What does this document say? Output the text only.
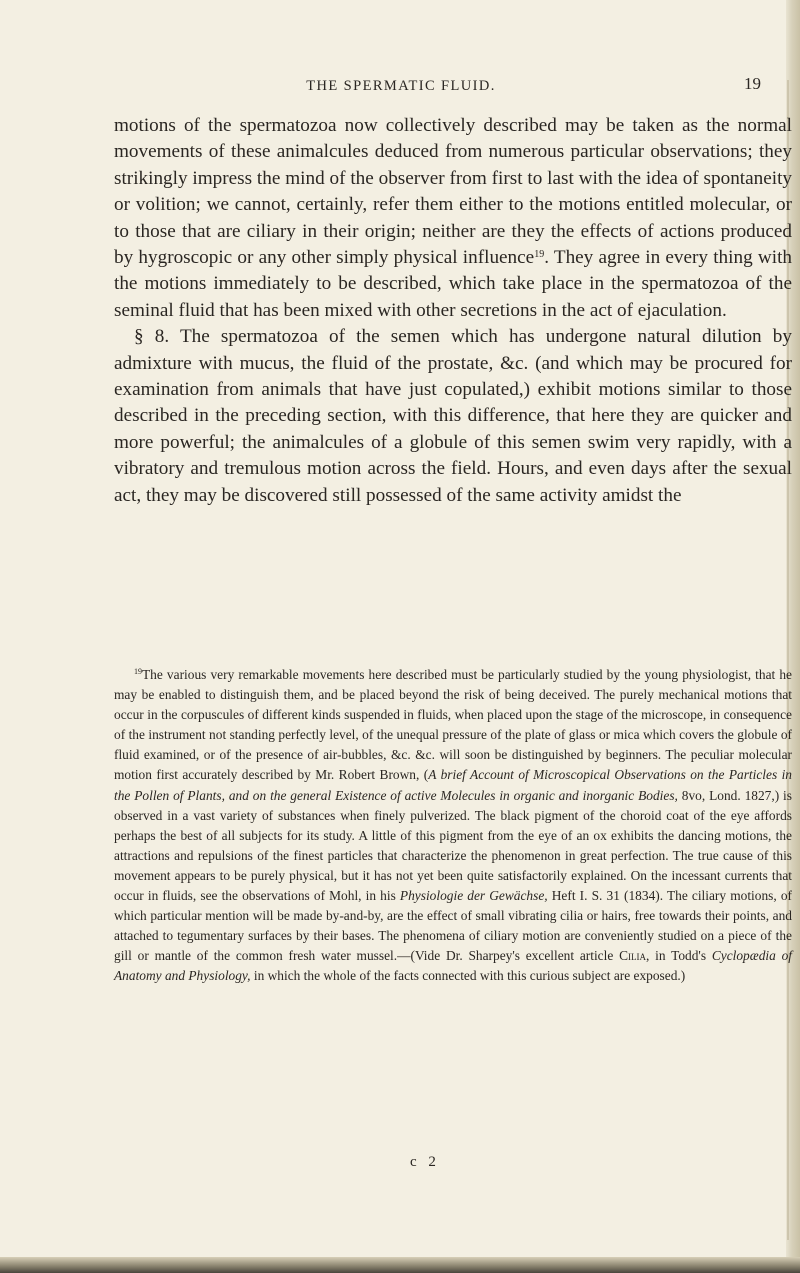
THE SPERMATIC FLUID.	19

motions of the spermatozoa now collectively described may be taken as the normal movements of these animalcules deduced from numerous particular observations; they strikingly impress the mind of the observer from first to last with the idea of spontaneity or volition; we cannot, certainly, refer them either to the motions entitled molecular, or to those that are ciliary in their origin; neither are they the effects of actions produced by hygroscopic or any other simply physical influence$^{19}$. They agree in every thing with the motions immediately to be described, which take place in the spermatozoa of the seminal fluid that has been mixed with other secretions in the act of ejaculation.

§ 8. The spermatozoa of the semen which has undergone natural dilution by admixture with mucus, the fluid of the prostate, &c. (and which may be procured for examination from animals that have just copulated,) exhibit motions similar to those described in the preceding section, with this difference, that here they are quicker and more powerful; the animalcules of a globule of this semen swim very rapidly, with a vibratory and tremulous motion across the field. Hours, and even days after the sexual act, they may be discovered still possessed of the same activity amidst the

$^{19}$The various very remarkable movements here described must be particularly studied by the young physiologist, that he may be enabled to distinguish them, and be placed beyond the risk of being deceived. The purely mechanical motions that occur in the corpuscules of different kinds suspended in fluids, when placed upon the stage of the microscope, in consequence of the instrument not standing perfectly level, of the unequal pressure of the plate of glass or mica which covers the globule of fluid examined, or of the presence of air-bubbles, &c. &c. will soon be distinguished by beginners. The peculiar molecular motion first accurately described by Mr. Robert Brown, (A brief Account of Microscopical Observations on the Particles in the Pollen of Plants, and on the general Existence of active Molecules in organic and inorganic Bodies, 8vo, Lond. 1827,) is observed in a vast variety of substances when finely pulverized. The black pigment of the choroid coat of the eye affords perhaps the best of all subjects for its study. A little of this pigment from the eye of an ox exhibits the dancing motions, the attractions and repulsions of the finest particles that characterize the phenomenon in great perfection. The true cause of this movement appears to be purely physical, but it has not yet been quite satisfactorily explained. On the incessant currents that occur in fluids, see the observations of Mohl, in his Physiologie der Gewächse, Heft I. S. 31 (1834). The ciliary motions, of which particular mention will be made by-and-by, are the effect of small vibrating cilia or hairs, free towards their points, and attached to tegumentary surfaces by their bases. The phenomena of ciliary motion are conveniently studied on a piece of the gill or mantle of the common fresh water mussel.—(Vide Dr. Sharpey's excellent article Cilia, in Todd's Cyclopædia of Anatomy and Physiology, in which the whole of the facts connected with this curious subject are exposed.)

c 2
